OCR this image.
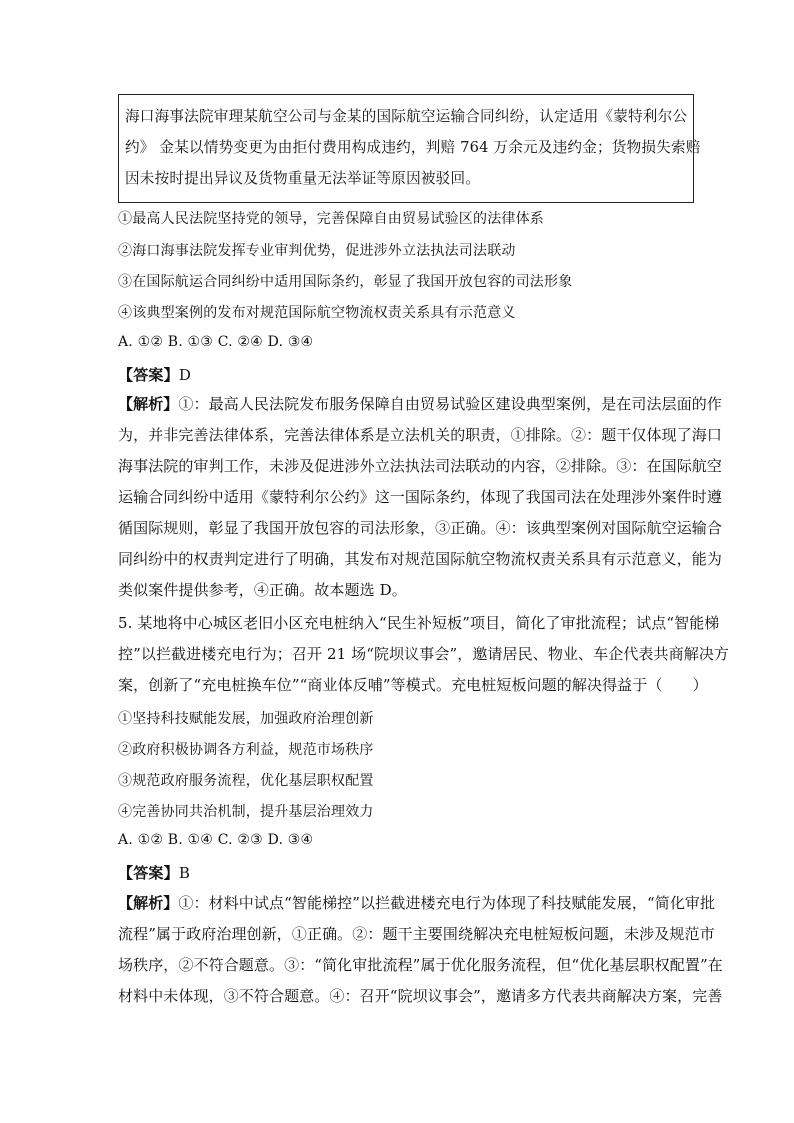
海口海事法院审理某航空公司与金某的国际航空运输合同纠纷，认定适用《蒙特利尔公
约》 金某以情势变更为由拒付费用构成违约，判赔 764 万余元及违约金；货物损失索赔
因未按时提出异议及货物重量无法举证等原因被驳回。
①最高人民法院坚持党的领导，完善保障自由贸易试验区的法律体系
②海口海事法院发挥专业审判优势，促进涉外立法执法司法联动
③在国际航运合同纠纷中适用国际条约，彰显了我国开放包容的司法形象
④该典型案例的发布对规范国际航空物流权责关系具有示范意义
A. ①② B. ①③ C. ②④ D. ③④
【答案】D
【解析】①：最高人民法院发布服务保障自由贸易试验区建设典型案例，是在司法层面的作
为，并非完善法律体系，完善法律体系是立法机关的职责，①排除。②：题干仅体现了海口
海事法院的审判工作，未涉及促进涉外立法执法司法联动的内容，②排除。③：在国际航空
运输合同纠纷中适用《蒙特利尔公约》这一国际条约，体现了我国司法在处理涉外案件时遵
循国际规则，彰显了我国开放包容的司法形象，③正确。④：该典型案例对国际航空运输合
同纠纷中的权责判定进行了明确，其发布对规范国际航空物流权责关系具有示范意义，能为
类似案件提供参考，④正确。故本题选 D。
5. 某地将中心城区老旧小区充电桩纳入“民生补短板”项目，简化了审批流程；试点“智能梯
控”以拦截进楼充电行为；召开 21 场“院坝议事会”，邀请居民、物业、车企代表共商解决方
案，创新了“充电桩换车位”“商业体反哺”等模式。充电桩短板问题的解决得益于（　　）
①坚持科技赋能发展，加强政府治理创新
②政府积极协调各方利益，规范市场秩序
③规范政府服务流程，优化基层职权配置
④完善协同共治机制，提升基层治理效力
A. ①② B. ①④ C. ②③ D. ③④
【答案】B
【解析】①：材料中试点“智能梯控”以拦截进楼充电行为体现了科技赋能发展，“简化审批
流程”属于政府治理创新，①正确。②：题干主要围绕解决充电桩短板问题，未涉及规范市
场秩序，②不符合题意。③：“简化审批流程”属于优化服务流程，但“优化基层职权配置”在
材料中未体现，③不符合题意。④：召开“院坝议事会”，邀请多方代表共商解决方案，完善
